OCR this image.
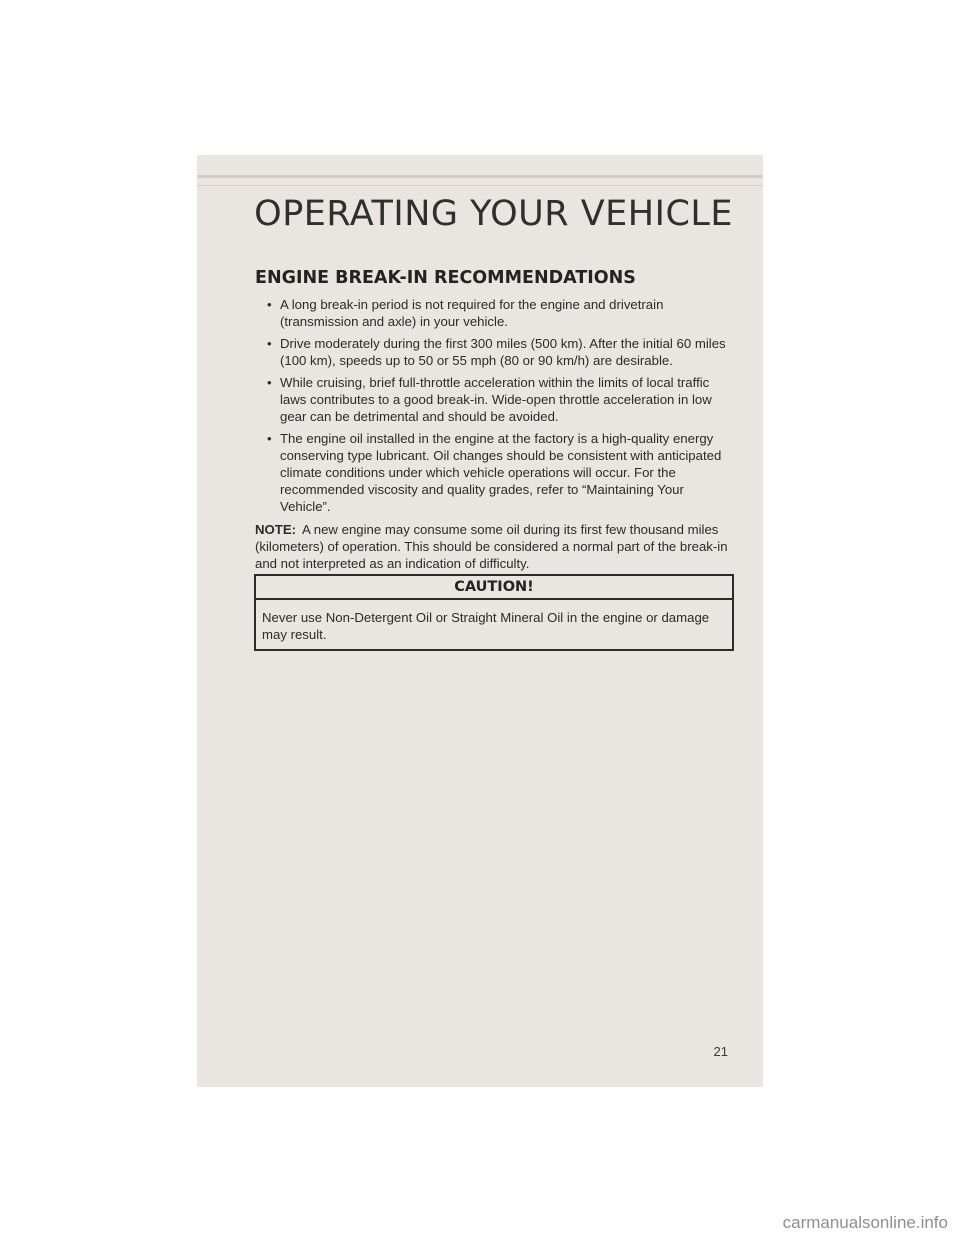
OPERATING YOUR VEHICLE
ENGINE BREAK-IN RECOMMENDATIONS
• A long break-in period is not required for the engine and drivetrain (transmission and axle) in your vehicle.
• Drive moderately during the first 300 miles (500 km). After the initial 60 miles (100 km), speeds up to 50 or 55 mph (80 or 90 km/h) are desirable.
• While cruising, brief full-throttle acceleration within the limits of local traffic laws contributes to a good break-in. Wide-open throttle acceleration in low gear can be detrimental and should be avoided.
• The engine oil installed in the engine at the factory is a high-quality energy conserving type lubricant. Oil changes should be consistent with anticipated climate conditions under which vehicle operations will occur. For the recommended viscosity and quality grades, refer to “Maintaining Your Vehicle”.

NOTE: A new engine may consume some oil during its first few thousand miles (kilometers) of operation. This should be considered a normal part of the break-in and not interpreted as an indication of difficulty.

CAUTION!
Never use Non-Detergent Oil or Straight Mineral Oil in the engine or damage may result.
21
carmanualsonline.info
